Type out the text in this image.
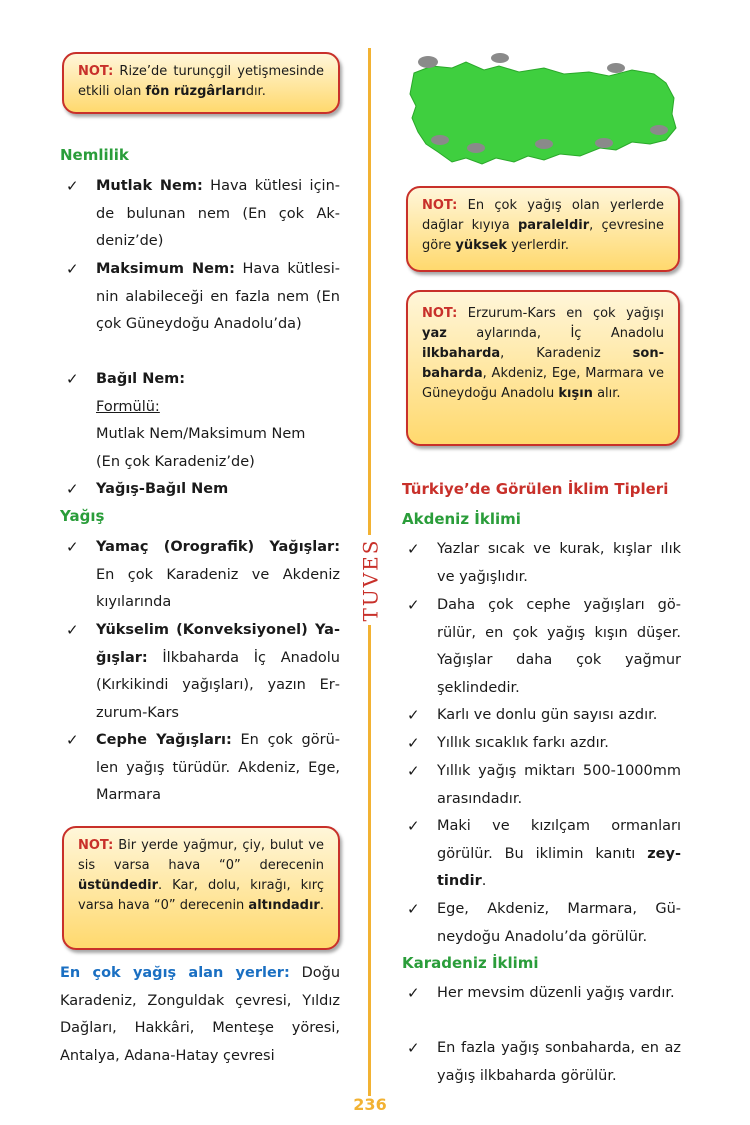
NOT: Rize’de turunçgil yetişmesinde etkili olan fön rüzgârlarıdır.
Nemlilik
✓ Mutlak Nem: Hava kütlesi içinde bulunan nem (En çok Akdeniz’de)
✓ Maksimum Nem: Hava kütlesinin alabileceği en fazla nem (En çok Güneydoğu Anadolu’da)
✓ Bağıl Nem:
Formülü:
Mutlak Nem/Maksimum Nem
(En çok Karadeniz’de)
✓ Yağış-Bağıl Nem
Yağış
✓ Yamaç (Orografik) Yağışlar: En çok Karadeniz ve Akdeniz kıyılarında
✓ Yükselim (Konveksiyonel) Yağışlar: İlkbaharda İç Anadolu (Kırkikindi yağışları), yazın Erzurum-Kars
✓ Cephe Yağışları: En çok görülen yağış türüdür. Akdeniz, Ege, Marmara
NOT: Bir yerde yağmur, çiy, bulut ve sis varsa hava “0” derecenin üstündedir. Kar, dolu, kırağı, kırç varsa hava “0” derecenin altındadır.
En çok yağış alan yerler: Doğu Karadeniz, Zonguldak çevresi, Yıldız Dağları, Hakkâri, Menteşe yöresi, Antalya, Adana-Hatay çevresi
TUVES
NOT: En çok yağış olan yerlerde dağlar kıyıya paraleldir, çevresine göre yüksek yerlerdir.
NOT: Erzurum-Kars en çok yağışı yaz aylarında, İç Anadolu ilkbaharda, Karadeniz sonbaharda, Akdeniz, Ege, Marmara ve Güneydoğu Anadolu kışın alır.
Türkiye’de Görülen İklim Tipleri
Akdeniz İklimi
✓ Yazlar sıcak ve kurak, kışlar ılık ve yağışlıdır.
✓ Daha çok cephe yağışları görülür, en çok yağış kışın düşer. Yağışlar daha çok yağmur şeklindedir.
✓ Karlı ve donlu gün sayısı azdır.
✓ Yıllık sıcaklık farkı azdır.
✓ Yıllık yağış miktarı 500-1000mm arasındadır.
✓ Maki ve kızılçam ormanları görülür. Bu iklimin kanıtı zeytindir.
✓ Ege, Akdeniz, Marmara, Güneydoğu Anadolu’da görülür.
Karadeniz İklimi
✓ Her mevsim düzenli yağış vardır.
✓ En fazla yağış sonbaharda, en az yağış ilkbaharda görülür.
236
